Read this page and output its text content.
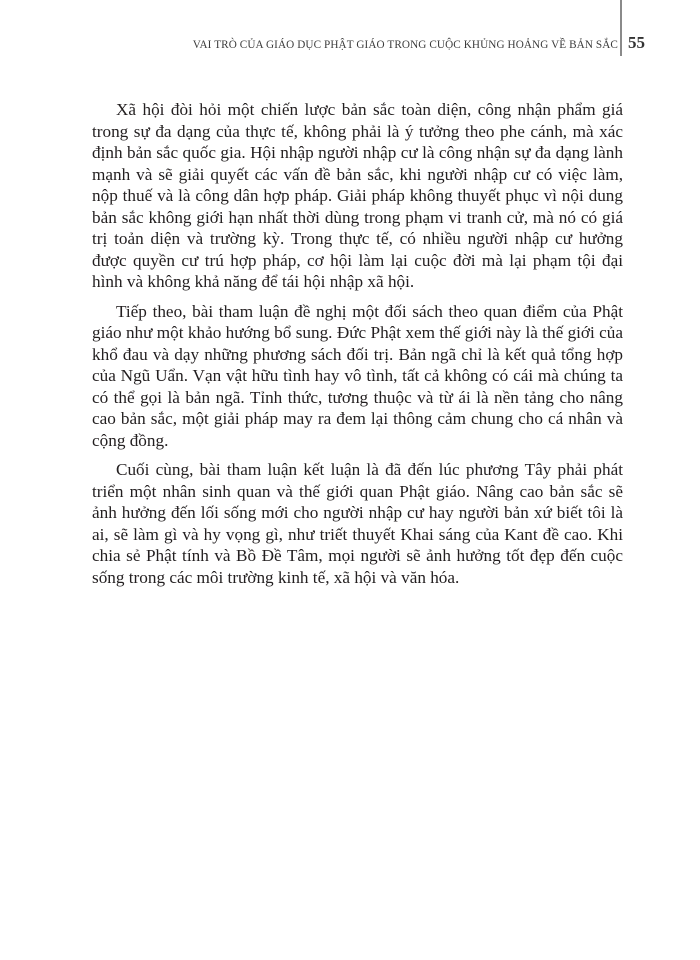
VAI TRÒ CỦA GIÁO DỤC PHẬT GIÁO TRONG CUỘC KHỦNG HOẢNG VỀ BẢN SẮC 55

Xã hội đòi hỏi một chiến lược bản sắc toàn diện, công nhận phẩm giá trong sự đa dạng của thực tế, không phải là ý tưởng theo phe cánh, mà xác định bản sắc quốc gia. Hội nhập người nhập cư là công nhận sự đa dạng lành mạnh và sẽ giải quyết các vấn đề bản sắc, khi người nhập cư có việc làm, nộp thuế và là công dân hợp pháp. Giải pháp không thuyết phục vì nội dung bản sắc không giới hạn nhất thời dùng trong phạm vi tranh cử, mà nó có giá trị toản diện và trường kỳ. Trong thực tế, có nhiều người nhập cư hưởng được quyền cư trú hợp pháp, cơ hội làm lại cuộc đời mà lại phạm tội đại hình và không khả năng để tái hội nhập xã hội.

Tiếp theo, bài tham luận đề nghị một đối sách theo quan điểm của Phật giáo như một khảo hướng bổ sung. Đức Phật xem thế giới này là thế giới của khổ đau và dạy những phương sách đối trị. Bản ngã chỉ là kết quả tổng hợp của Ngũ Uẩn. Vạn vật hữu tình hay vô tình, tất cả không có cái mà chúng ta có thể gọi là bản ngã. Tỉnh thức, tương thuộc và từ ái là nền tảng cho nâng cao bản sắc, một giải pháp may ra đem lại thông cảm chung cho cá nhân và cộng đồng.

Cuối cùng, bài tham luận kết luận là đã đến lúc phương Tây phải phát triển một nhân sinh quan và thế giới quan Phật giáo. Nâng cao bản sắc sẽ ảnh hưởng đến lối sống mới cho người nhập cư hay người bản xứ biết tôi là ai, sẽ làm gì và hy vọng gì, như triết thuyết Khai sáng của Kant đề cao. Khi chia sẻ Phật tính và Bồ Đề Tâm, mọi người sẽ ảnh hưởng tốt đẹp đến cuộc sống trong các môi trường kinh tế, xã hội và văn hóa.
